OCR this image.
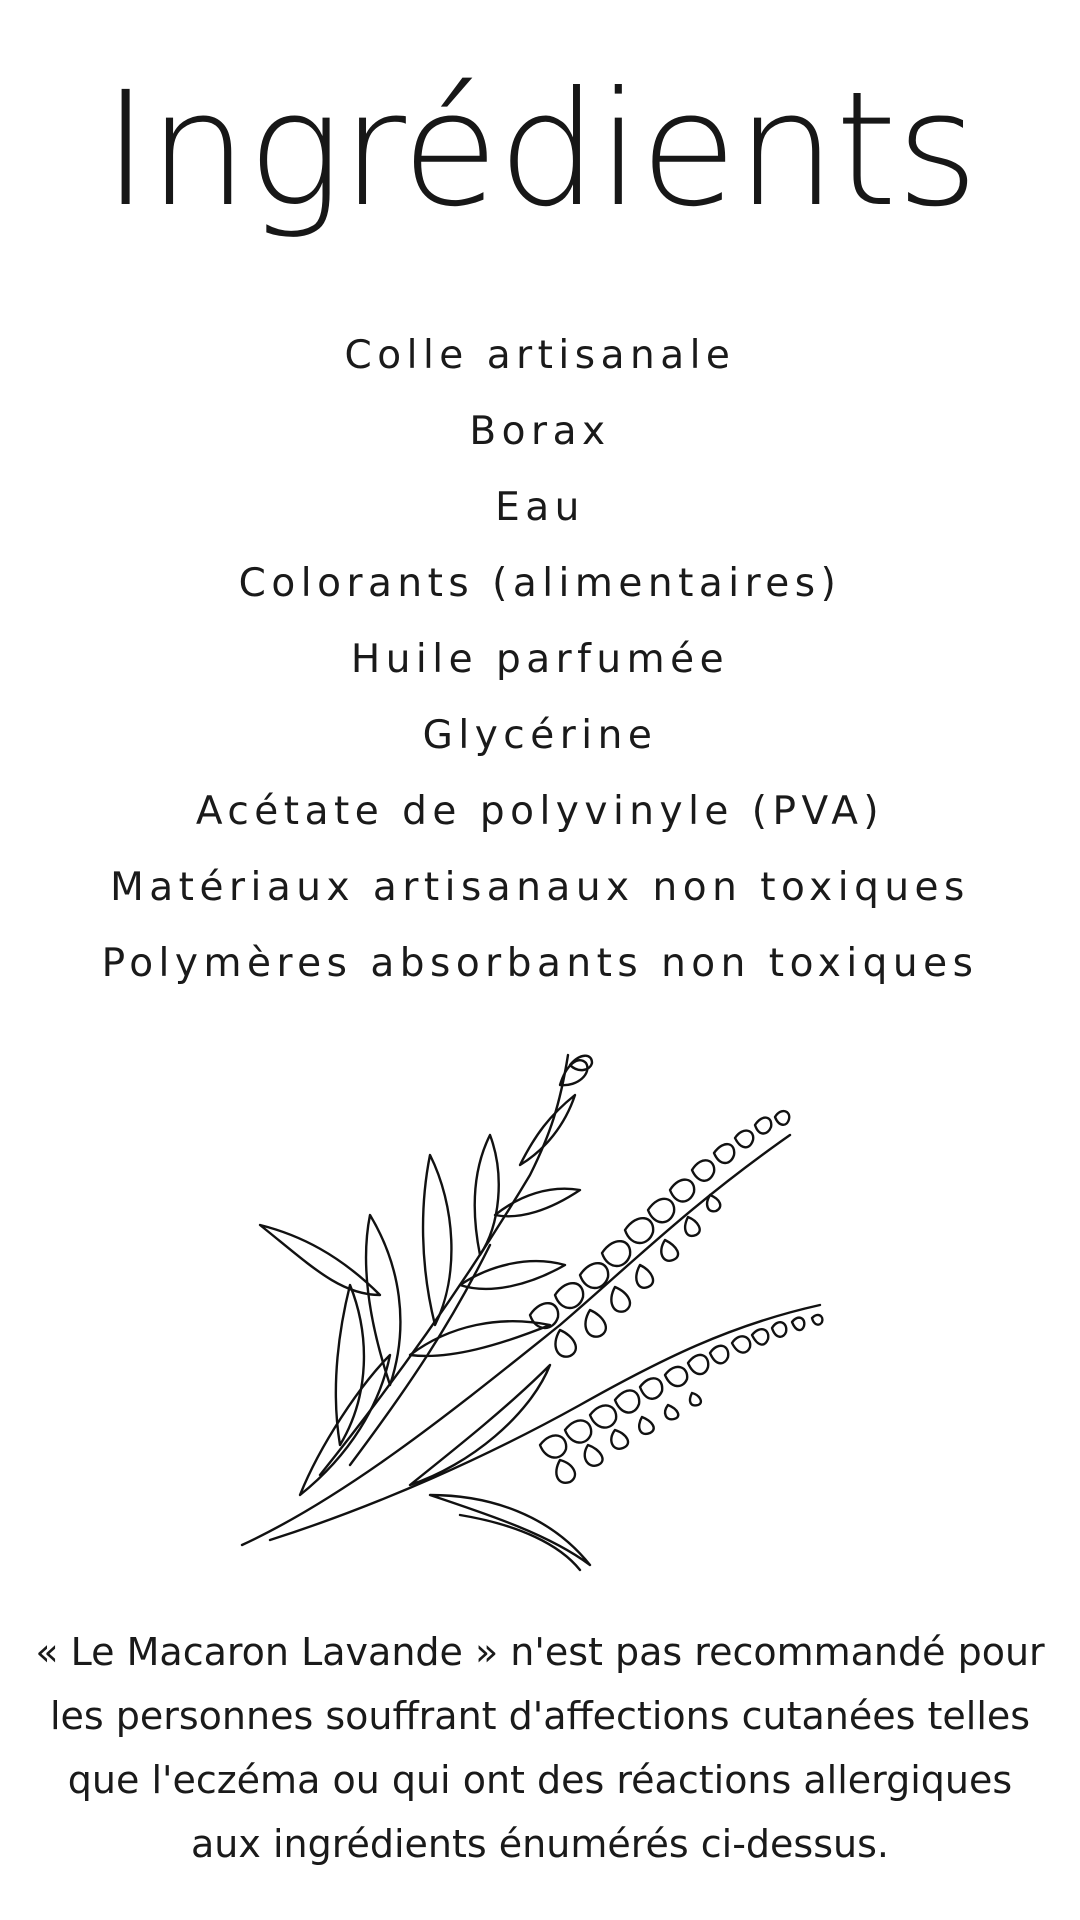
Ingrédients
Colle artisanale
Borax
Eau
Colorants (alimentaires)
Huile parfumée
Glycérine
Acétate de polyvinyle (PVA)
Matériaux artisanaux non toxiques
Polymères absorbants non toxiques

« Le Macaron Lavande » n'est pas recommandé pour les personnes souffrant d'affections cutanées telles que l'eczéma ou qui ont des réactions allergiques aux ingrédients énumérés ci-dessus.
